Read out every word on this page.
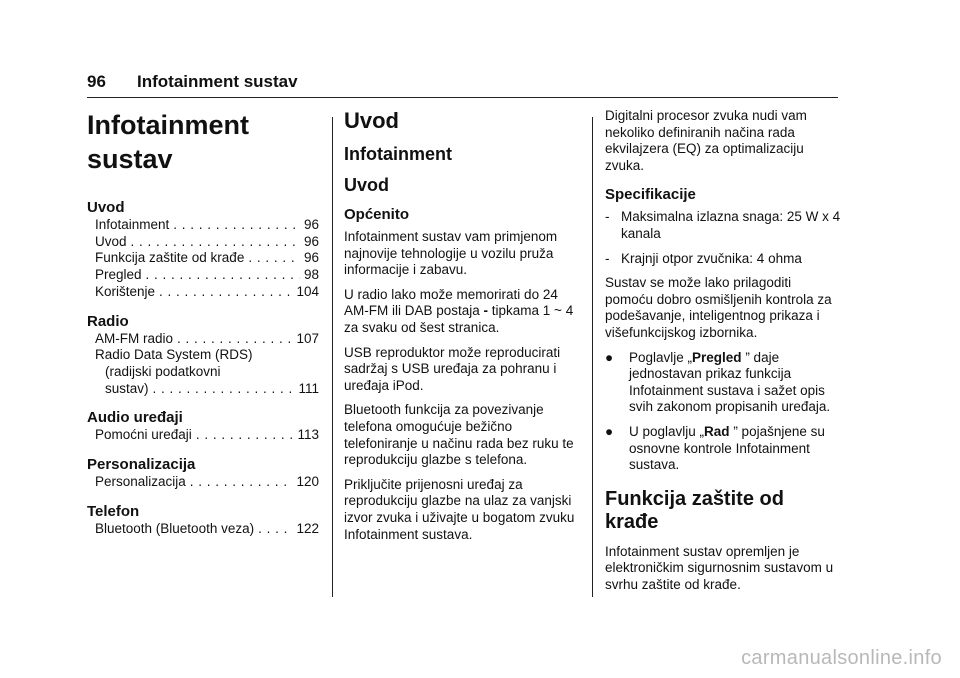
96 Infotainment sustav
Infotainment
sustav
Uvod
Infotainment . . .	96
Uvod . . .	96
Funkcija zaštite od krađe . . .	96
Pregled . . .	98
Korištenje . . .	104
Radio
AM-FM radio . . .	107
Radio Data System (RDS)
(radijski podatkovni
sustav) . . .	111
Audio uređaji
Pomoćni uređaji . . .	113
Personalizacija
Personalizacija . . .	120
Telefon
Bluetooth (Bluetooth veza) . . .	122
Uvod
Infotainment
Uvod
Općenito

Infotainment sustav vam primjenom najnovije tehnologije u vozilu pruža informacije i zabavu.

U radio lako može memorirati do 24 AM-FM ili DAB postaja - tipkama 1 ~ 4 za svaku od šest stranica.

USB reproduktor može reproducirati sadržaj s USB uređaja za pohranu i uređaja iPod.

Bluetooth funkcija za povezivanje telefona omogućuje bežično telefoniranje u načinu rada bez ruku te reprodukciju glazbe s telefona.

Priključite prijenosni uređaj za reprodukciju glazbe na ulaz za vanjski izvor zvuka i uživajte u bogatom zvuku Infotainment sustava.

Digitalni procesor zvuka nudi vam nekoliko definiranih načina rada ekvilajzera (EQ) za optimalizaciju zvuka.

Specifikacije
- Maksimalna izlazna snaga: 25 W x 4 kanala
- Krajnji otpor zvučnika: 4 ohma

Sustav se može lako prilagoditi pomoću dobro osmišljenih kontrola za podešavanje, inteligentnog prikaza i višefunkcijskog izbornika.

●	Poglavlje „Pregled ” daje jednostavan prikaz funkcija Infotainment sustava i sažet opis svih zakonom propisanih uređaja.
●	U poglavlju „Rad ” pojašnjene su osnovne kontrole Infotainment sustava.
Funkcija zaštite od krađe

Infotainment sustav opremljen je elektroničkim sigurnosnim sustavom u svrhu zaštite od krađe.

carmanualsonline.info
